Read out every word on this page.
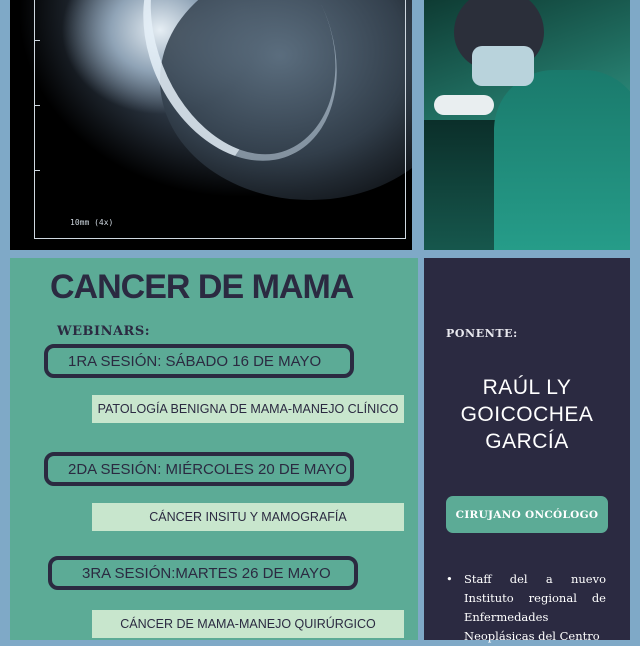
10mm (4x)
CANCER DE MAMA
WEBINARS:
1RA SESIÓN: SÁBADO 16 DE MAYO
PATOLOGÍA BENIGNA DE MAMA-MANEJO CLÍNICO
2DA SESIÓN: MIÉRCOLES 20 DE MAYO
CÁNCER INSITU Y MAMOGRAFÍA
3RA SESIÓN:MARTES 26 DE MAYO
CÁNCER DE MAMA-MANEJO QUIRÚRGICO
PONENTE:
RAÚL LY
GOICOCHEA
GARCÍA
CIRUJANO ONCÓLOGO
• Staff del a nuevo Instituto regional de Enfermedades Neoplásicas del Centro
